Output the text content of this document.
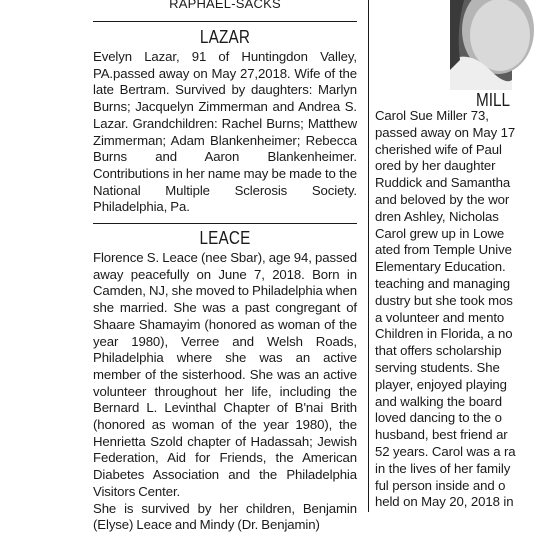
RAPHAEL-SACKS
LAZAR
Evelyn Lazar, 91 of Huntingdon Valley, PA.passed away on May 27,2018. Wife of the late Bertram. Survived by daughters: Marlyn Burns; Jacquelyn Zimmerman and Andrea S. Lazar. Grandchildren: Rachel Burns; Matthew Zimmerman; Adam Blankenheimer; Rebecca Burns and Aaron Blankenheimer. Contributions in her name may be made to the National Multiple Sclerosis Society. Philadelphia, Pa.
LEACE
Florence S. Leace (nee Sbar), age 94, passed away peacefully on June 7, 2018. Born in Camden, NJ, she moved to Philadelphia when she married. She was a past congregant of Shaare Shamayim (honored as woman of the year 1980), Verree and Welsh Roads, Philadelphia where she was an active member of the sisterhood. She was an active volunteer throughout her life, including the Bernard L. Levinthal Chapter of B'nai Brith (honored as woman of the year 1980), the Henrietta Szold chapter of Hadassah; Jewish Federation, Aid for Friends, the American Diabetes Association and the Philadelphia Visitors Center.
She is survived by her children, Benjamin (Elyse) Leace and Mindy (Dr. Benjamin)
MILL
Carol Sue Miller 73,
passed away on May 17
cherished wife of Paul
ored by her daughter
Ruddick and Samantha
and beloved by the wor
dren Ashley, Nicholas
Carol grew up in Lowe
ated from Temple Unive
Elementary Education.
teaching and managing
dustry but she took mos
a volunteer and mento
Children in Florida, a no
that offers scholarship
serving students. She
player, enjoyed playing
and walking the board
loved dancing to the o
husband, best friend ar
52 years. Carol was a ra
in the lives of her family
ful person inside and o
held on May 20, 2018 in
